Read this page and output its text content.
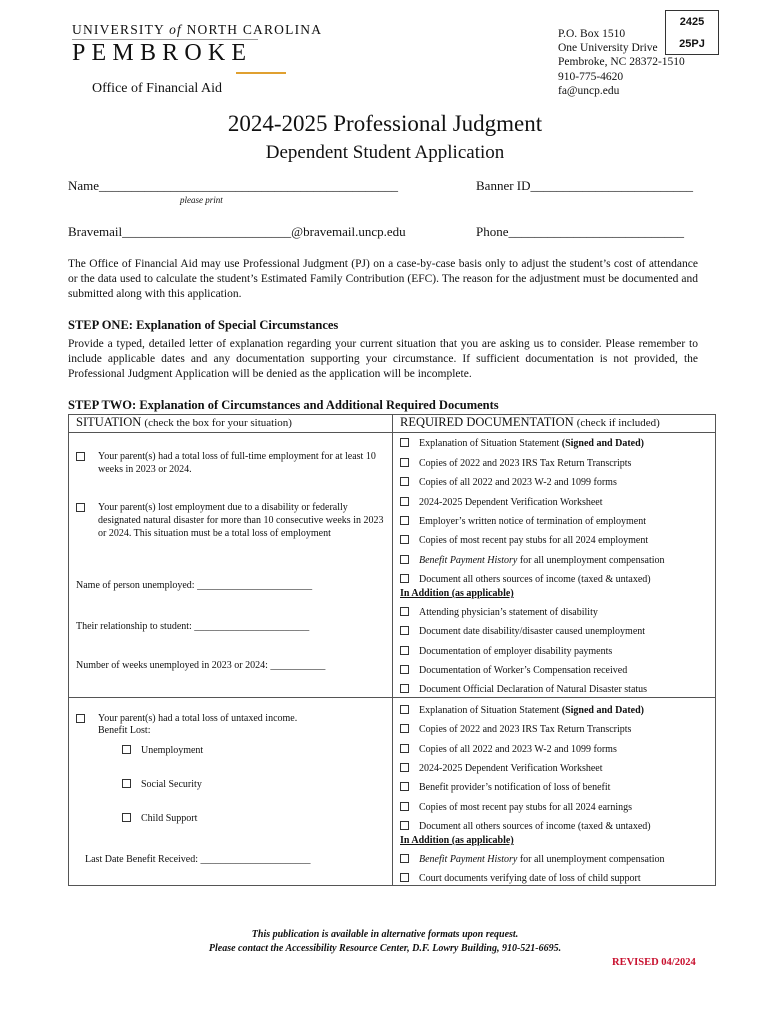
UNIVERSITY of NORTH CAROLINA
PEMBROKE
Office of Financial Aid
P.O. Box 1510
One University Drive
Pembroke, NC 28372-1510
910-775-4620
fa@uncp.edu
2425
25PJ
2024-2025 Professional Judgment
Dependent Student Application
Name______________________________________________
please print
Banner ID_________________________
Bravemail__________________________@bravemail.uncp.edu	Phone___________________________
The Office of Financial Aid may use Professional Judgment (PJ) on a case-by-case basis only to adjust the student’s cost of attendance or the data used to calculate the student’s Estimated Family Contribution (EFC). The reason for the adjustment must be documented and submitted along with this application.
STEP ONE: Explanation of Special Circumstances
Provide a typed, detailed letter of explanation regarding your current situation that you are asking us to consider. Please remember to include applicable dates and any documentation supporting your circumstance. If sufficient documentation is not provided, the Professional Judgment Application will be denied as the application will be incomplete.
STEP TWO: Explanation of Circumstances and Additional Required Documents
SITUATION (check the box for your situation)	REQUIRED DOCUMENTATION (check if included)
Your parent(s) had a total loss of full-time employment for at least 10 weeks in 2023 or 2024.
Your parent(s) lost employment due to a disability or federally designated natural disaster for more than 10 consecutive weeks in 2023 or 2024. This situation must be a total loss of employment
Name of person unemployed: _______________________
Their relationship to student: _______________________
Number of weeks unemployed in 2023 or 2024: ___________
Explanation of Situation Statement (Signed and Dated)
Copies of 2022 and 2023 IRS Tax Return Transcripts
Copies of all 2022 and 2023 W-2 and 1099 forms
2024-2025 Dependent Verification Worksheet
Employer’s written notice of termination of employment
Copies of most recent pay stubs for all 2024 employment
Benefit Payment History for all unemployment compensation
Document all others sources of income (taxed & untaxed)
In Addition (as applicable)
Attending physician’s statement of disability
Document date disability/disaster caused unemployment
Documentation of employer disability payments
Documentation of Worker’s Compensation received
Document Official Declaration of Natural Disaster status
Your parent(s) had a total loss of untaxed income.
Benefit Lost:
Unemployment
Social Security
Child Support
Last Date Benefit Received: ______________________
Explanation of Situation Statement (Signed and Dated)
Copies of 2022 and 2023 IRS Tax Return Transcripts
Copies of all 2022 and 2023 W-2 and 1099 forms
2024-2025 Dependent Verification Worksheet
Benefit provider’s notification of loss of benefit
Copies of most recent pay stubs for all 2024 earnings
Document all others sources of income (taxed & untaxed)
In Addition (as applicable)
Benefit Payment History for all unemployment compensation
Court documents verifying date of loss of child support
This publication is available in alternative formats upon request.
Please contact the Accessibility Resource Center, D.F. Lowry Building, 910-521-6695.
REVISED 04/2024
